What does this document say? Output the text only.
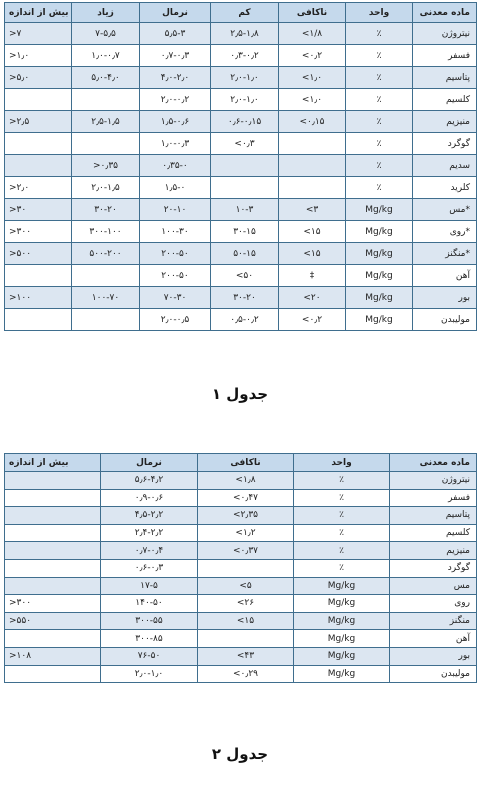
بیش از اندازه	زیاد	نرمال	کم	ناکافی	واحد	ماده معدنی
>۷	۷-۵٫۵	۵٫۵-۳	۲٫۵-۱٫۸	<۱/۸	٪	نیتروژن
>۱٫۰	۱٫۰-۰٫۷	۰٫۷-۰٫۳	۰٫۳-۰٫۲	<۰٫۲	٪	فسفر
>۵٫۰	۵٫۰-۴٫۰	۴٫۰-۲٫۰	۲٫۰-۱٫۰	<۱٫۰	٪	پتاسیم
		۲٫۰-۰٫۲	۲٫۰-۱٫۰	<۱٫۰	٪	کلسیم
>۲٫۵	۲٫۵-۱٫۵	۱٫۵-۰٫۶	۰٫۶-۰٫۱۵	<۰٫۱۵	٪	منیزیم
		۱٫۰-۰٫۳	<۰٫۳		٪	گوگرد
	>۰٫۳۵	۰٫۳۵-۰			٪	سدیم
>۲٫۰	۲٫۰-۱٫۵	۱٫۵-۰			٪	کلرید
>۳۰	۳۰-۲۰	۲۰-۱۰	۱۰-۳	<۳	Mg/kg	مس*
>۳۰۰	۳۰۰-۱۰۰	۱۰۰-۳۰	۳۰-۱۵	<۱۵	Mg/kg	روی*
>۵۰۰	۵۰۰-۲۰۰	۲۰۰-۵۰	۵۰-۱۵	<۱۵	Mg/kg	منگنز*
		۲۰۰-۵۰	<۵۰	‡	Mg/kg	آهن
>۱۰۰	۱۰۰-۷۰	۷۰-۳۰	۳۰-۲۰	<۲۰	Mg/kg	بور
		۲٫۰-۰٫۵	۰٫۵-۰٫۲	<۰٫۲	Mg/kg	مولیبدن
جدول ۱
بیش از اندازه	نرمال	ناکافی	واحد	ماده معدنی
	۵٫۶-۴٫۲	<۱٫۸	٪	نیتروژن
	۰٫۹-۰٫۶	<۰٫۴۷	٪	فسفر
	۴٫۵-۲٫۲	<۲٫۳۵	٪	پتاسیم
	۲٫۴-۲٫۲	<۱٫۲	٪	کلسیم
	۰٫۷-۰٫۴	<۰٫۳۷	٪	منیزیم
	۰٫۶-۰٫۳		٪	گوگرد
	۱۷-۵	<۵	Mg/kg	مس
>۳۰۰	۱۴۰-۵۰	<۲۶	Mg/kg	روی
>۵۵۰	۳۰۰-۵۵	<۱۵	Mg/kg	منگنز
	۳۰۰-۸۵		Mg/kg	آهن
>۱۰۸	۷۶-۵۰	<۴۳	Mg/kg	بور
	۲٫۰-۱٫۰	<۰٫۲۹	Mg/kg	مولیبدن
جدول ۲
